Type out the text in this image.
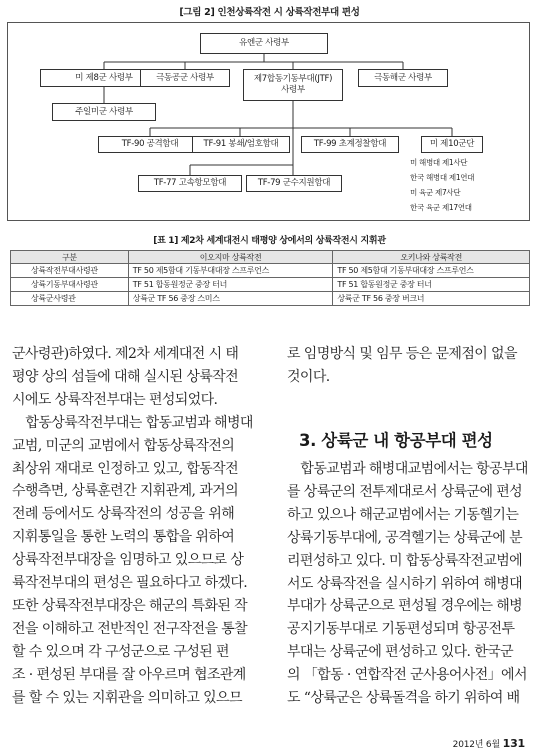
[그림 2] 인천상륙작전 시 상륙작전부대 편성
유엔군 사령부
미 제8군 사령부	극동공군 사령부	제7합동기동부대(JTF)
사령부
극동해군 사령부
주일미군 사령부
TF-90 공격함대	TF-91 봉쇄/엄호함대	TF-99 초계정찰함대	미 제10군단
미 해병대 제1사단
한국 해병대 제1연대
미 육군 제7사단
한국 육군 제17연대
TF-77 고속항모함대	TF-79 군수지원함대
[표 1] 제2차 세계대전시 태평양 상에서의 상륙작전시 지휘관
구분	이오지마 상륙작전	오키나와 상륙작전
상륙작전부대사령관	TF 50 제5함대 기동부대대장 스프루언스	TF 50 제5함대 기동부대대장 스프루언스
상륙기동부대사령관	TF 51 합동원정군 중장 터너	TF 51 합동원정군 중장 터너
상륙군사령관	상륙군 TF 56 중장 스미스	상륙군 TF 56 중장 버크너

군사령관)하였다. 제2차 세계대전 시 태

평양 상의 섬들에 대해 실시된 상륙작전

시에도 상륙작전부대는 편성되었다.

　합동상륙작전부대는 합동교범과 해병대

교범, 미군의 교범에서 합동상륙작전의

최상위 재대로 인정하고 있고, 합동작전

수행측면, 상륙훈련간 지휘관계, 과거의

전례 등에서도 상륙작전의 성공을 위해

지휘통일을 통한 노력의 통합을 위하여

상륙작전부대장을 임명하고 있으므로 상

륙작전부대의 편성은 필요하다고 하겠다.

또한 상륙작전부대장은 해군의 특화된 작

전을 이해하고 전반적인 전구작전을 통찰

할 수 있으며 각 구성군으로 구성된 편

조 · 편성된 부대를 잘 아우르며 협조관계

를 할 수 있는 지휘관을 의미하고 있으므

로 임명방식 및 임무 등은 문제점이 없을

것이다.

3. 상륙군 내 항공부대 편성

　합동교범과 해병대교범에서는 항공부대

를 상륙군의 전투제대로서 상륙군에 편성

하고 있으나 해군교범에서는 기동헬기는

상륙기동부대에, 공격헬기는 상륙군에 분

리편성하고 있다. 미 합동상륙작전교범에

서도 상륙작전을 실시하기 위하여 해병대

부대가 상륙군으로 편성될 경우에는 해병

공지기동부대로 기동편성되며 항공전투

부대는 상륙군에 편성하고 있다. 한국군

의 「합동 · 연합작전 군사용어사전」에서

도 “상륙군은 상륙돌격을 하기 위하여 배

2012년 6월 131
